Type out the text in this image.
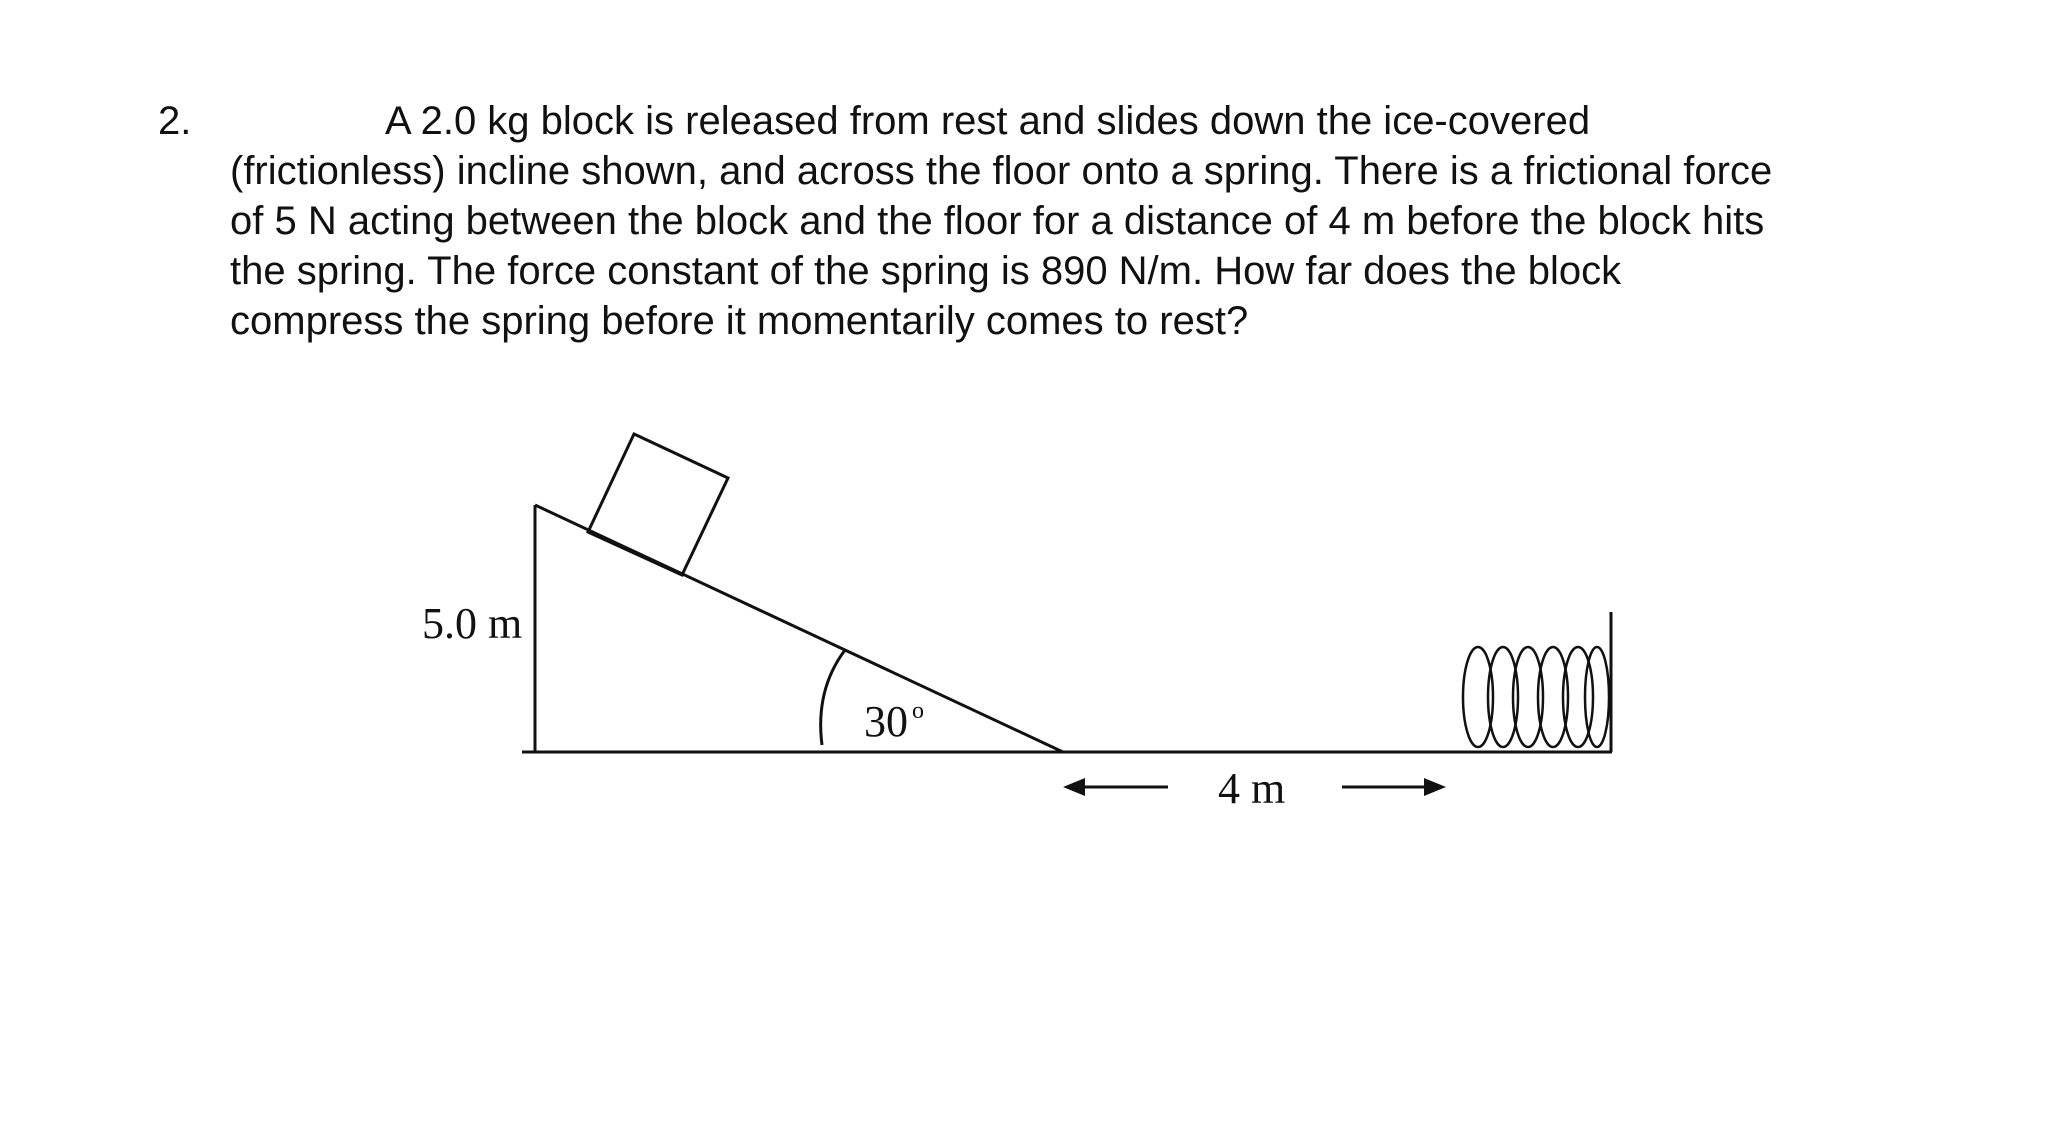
2.	A 2.0 kg block is released from rest and slides down the ice-covered
(frictionless) incline shown, and across the floor onto a spring. There is a frictional force
of 5 N acting between the block and the floor for a distance of 4 m before the block hits
the spring. The force constant of the spring is 890 N/m. How far does the block
compress the spring before it momentarily comes to rest?
5.0 m
30 o
4 m
